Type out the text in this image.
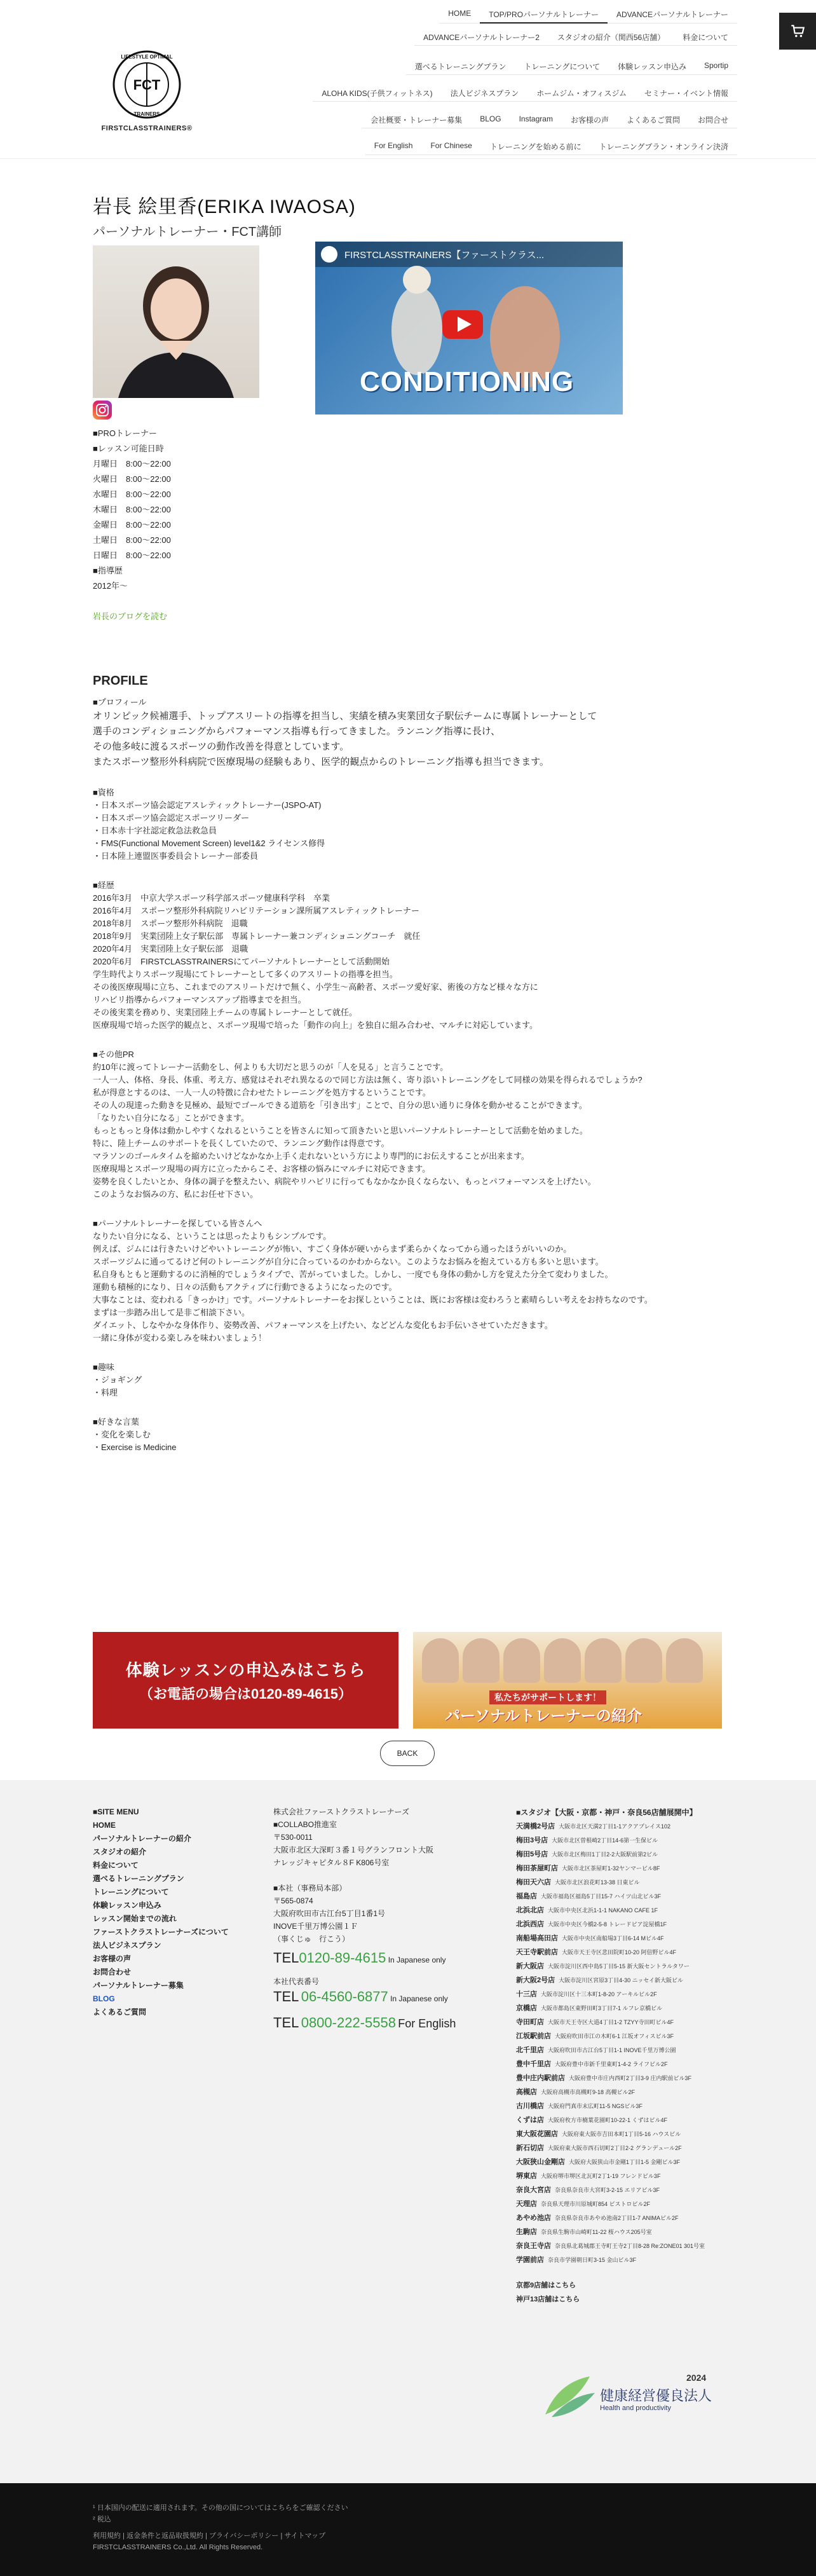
FCT
LIFESTYLE OPTIMAL
TRAINERS
FIRSTCLASSTRAINERS®
HOME	TOP/PROパーソナルトレーナー	ADVANCEパーソナルトレーナー
ADVANCEパーソナルトレーナー2	スタジオの紹介（関西56店舗）	料金について
選べるトレーニングプラン	トレーニングについて	体験レッスン申込み	Sportip
ALOHA KIDS(子供フィットネス)	法人ビジネスプラン	ホームジム・オフィスジム	セミナー・イベント情報
会社概要・トレーナー募集	BLOG	Instagram	お客様の声	よくあるご質問	お問合せ
For English	For Chinese	トレーニングを始める前に	トレーニングプラン・オンライン決済
岩長 絵里香(ERIKA IWAOSA)
パーソナルトレーナー・FCT講師
FIRSTCLASSTRAINERS【ファーストクラス...
CONDITIONING
■PROトレーナー
■レッスン可能日時
月曜日　8:00～22:00
火曜日　8:00～22:00
水曜日　8:00～22:00
木曜日　8:00～22:00
金曜日　8:00～22:00
土曜日　8:00～22:00
日曜日　8:00～22:00
■指導歴
2012年～
岩長のブログを読む
PROFILE
■プロフィール
オリンピック候補選手、トップアスリートの指導を担当し、実績を積み実業団女子駅伝チームに専属トレーナーとして
選手のコンディショニングからパフォーマンス指導も行ってきました。ランニング指導に長け、
その他多岐に渡るスポーツの動作改善を得意としています。
またスポーツ整形外科病院で医療現場の経験もあり、医学的観点からのトレーニング指導も担当できます。
■資格
・日本スポーツ協会認定アスレティックトレーナー(JSPO-AT)
・日本スポーツ協会認定スポーツリーダー
・日本赤十字社認定救急法救急員
・FMS(Functional Movement Screen) level1&2 ライセンス修得
・日本陸上連盟医事委員会トレーナー部委員
■経歴
2016年3月　中京大学スポーツ科学部スポーツ健康科学科　卒業
2016年4月　スポーツ整形外科病院リハビリテーション課所属アスレティックトレーナー
2018年8月　スポーツ整形外科病院　退職
2018年9月　実業団陸上女子駅伝部　専属トレーナー兼コンディショニングコーチ　就任
2020年4月　実業団陸上女子駅伝部　退職
2020年6月　FIRSTCLASSTRAINERSにてパーソナルトレーナーとして活動開始
学生時代よりスポーツ現場にてトレーナーとして多くのアスリートの指導を担当。
その後医療現場に立ち、これまでのアスリートだけで無く、小学生～高齢者、スポーツ愛好家、術後の方など様々な方に
リハビリ指導からパフォーマンスアップ指導までを担当。
その後実業を務めり、実業団陸上チームの専属トレーナーとして就任。
医療現場で培った医学的観点と、スポーツ現場で培った「動作の向上」を独自に組み合わせ、マルチに対応しています。
■その他PR
約10年に渡ってトレーナー活動をし、何よりも大切だと思うのが「人を見る」と言うことです。
一人一人、体格、身長、体重、考え方、感覚はそれぞれ異なるので同じ方法は無く、寄り添いトレーニングをして同様の効果を得られるでしょうか?
私が得意とするのは、一人一人の特徴に合わせたトレーニングを処方するということです。
その人の現達った動きを見極め、最短でゴールできる道筋を「引き出す」ことで、自分の思い通りに身体を動かせることができます。
「なりたい自分になる」ことができます。
もっともっと身体は動かしやすくなれるということを皆さんに知って頂きたいと思いパーソナルトレーナーとして活動を始めました。
特に、陸上チームのサポートを長くしていたので、ランニング動作は得意です。
マラソンのゴールタイムを縮めたいけどなかなか上手く走れないという方により専門的にお伝えすることが出来ます。
医療現場とスポーツ現場の両方に立ったからこそ、お客様の悩みにマルチに対応できます。
姿勢を良くしたいとか、身体の調子を整えたい、病院やリハビリに行ってもなかなか良くならない、もっとパフォーマンスを上げたい。
このようなお悩みの方、私にお任せ下さい。
■パーソナルトレーナーを探している皆さんへ
なりたい自分になる、ということは思ったよりもシンプルです。
例えば、ジムには行きたいけどやいトレーニングが怖い、すごく身体が硬いからまず柔らかくなってから通ったほうがいいのか。
スポーツジムに通ってるけど何のトレーニングが自分に合っているのかわからない。このようなお悩みを抱えている方も多いと思います。
私自身もともと運動するのに消極的でしょうタイプで、苦がっていました。しかし、一度でも身体の動かし方を覚えた分全て変わりました。
運動も積極的になり、日々の活動もアクティブに行動できるようになったのです。
大事なことは、変われる「きっかけ」です。パーソナルトレーナーをお探しということは、既にお客様は変わろうと素晴らしい考えをお持ちなのです。
まずは一歩踏み出して是非ご相談下さい。
ダイエット、しなやかな身体作り、姿勢改善、パフォーマンスを上げたい、などどんな変化もお手伝いさせていただきます。
一緒に身体が変わる楽しみを味わいましょう！
■趣味
・ジョギング
・料理
■好きな言葉
・変化を楽しむ
・Exercise is Medicine
体験レッスンの申込みはこちら
（お電話の場合は0120-89-4615）	私たちがサポートします！
パーソナルトレーナーの紹介
BACK
■SITE MENU
HOME
パーソナルトレーナーの紹介
スタジオの紹介
料金について
選べるトレーニングプラン
トレーニングについて
体験レッスン申込み
レッスン開始までの流れ
ファーストクラストレーナーズについて
法人ビジネスプラン
お客様の声
お問合わせ
パーソナルトレーナー募集
BLOG
よくあるご質問
株式会社ファーストクラストレーナーズ
■COLLABO推進室
〒530-0011
大阪市北区大深町３番１号グランフロント大阪
ナレッジキャピタル８F K806号室
■本社（事務局本部）
〒565-0874
大阪府吹田市古江台5丁目1番1号
INOVE千里万博公園１Ｆ
（事くじゅ　行こう）
TEL0120-89-4615 In Japanese only
本社代表番号
TEL 06-4560-6877 In Japanese only
TEL 0800-222-5558 For English
■スタジオ【大阪・京都・神戸・奈良56店舗展開中】
天満橋2号店 大阪市北区天満2丁目1-1アクアプレイス102
梅田3号店 大阪市北区曽根崎2丁目14-6第一生保ビル
梅田5号店 大阪市北区梅田1丁目2-2大阪駅前第2ビル
梅田茶屋町店 大阪市北区茶屋町1-32ヤンマービル8F
梅田天六店 大阪市北区浪花町13-38 日東ビル
福島店 大阪市福島区福島5丁目15-7 ハイツ山北ビル3F
北浜北店 大阪市中央区北浜1-1-1 NAKANO CAFE 1F
北浜西店 大阪市中央区今橋2-5-8 トレードピア淀屋橋1F
南船場高田店 大阪市中央区南船場3丁目6-14 Mビル4F
天王寺駅前店 大阪市天王寺区悲田院町10-20 阿倍野ビル4F
新大阪店 大阪市淀川区西中島5丁目5-15 新大阪セントラルタワー
新大阪2号店 大阪市淀川区宮原3丁目4-30 ニッセイ新大阪ビル
十三店 大阪市淀川区十三本町1-8-20 アーキルビル2F
京橋店 大阪市都島区東野田町3丁目7-1 ルフレ京橋ビル
寺田町店 大阪市天王寺区大道4丁目1-2 TZYY寺田町ビル4F
江坂駅前店 大阪府吹田市江の木町6-1 江坂オフィスビル3F
北千里店 大阪府吹田市古江台5丁目1-1 INOVE千里万博公園
豊中千里店 大阪府豊中市新千里東町1-4-2 ライフビル2F
豊中庄内駅前店 大阪府豊中市庄内西町2丁目3-9 庄内駅前ビル3F
高槻店 大阪府高槻市高槻町9-18 高槻ビル2F
古川橋店 大阪府門真市末広町11-5 NGSビル3F
くずは店 大阪府枚方市楠葉花園町10-22-1 くずはビル4F
東大阪花園店 大阪府東大阪市吉田本町1丁目5-16 ハウスビル
新石切店 大阪府東大阪市西石切町2丁目2-2 グランデュール2F
大阪狭山金剛店 大阪府大阪狭山市金剛1丁目1-5 金剛ビル3F
堺東店 大阪府堺市堺区北瓦町2丁1-19 フレンドビル3F
奈良大宮店 奈良県奈良市大宮町3-2-15 エリアビル3F
天理店 奈良県天理市川原城町854 ビストロビル2F
あやめ池店 奈良県奈良市あやめ池南2丁目1-7 ANIMAビル2F
生駒店 奈良県生駒市山崎町11-22 桜ハウス205号室
奈良王寺店 奈良県北葛城郡王寺町王寺2丁目8-28 Re:ZONE01 301号室
学園前店 奈良市学園朝日町3-15 金山ビル3F
京都9店舗はこちら
神戸13店舗はこちら
2024
健康経営優良法人
Health and productivity
¹ 日本国内の配送に適用されます。その他の国についてはこちらをご確認ください
² 税込
利用規約 | 返金条件と返品取扱規約 | プライバシーポリシー | サイトマップ
FIRSTCLASSTRAINERS Co.,Ltd. All Rights Reserved.
